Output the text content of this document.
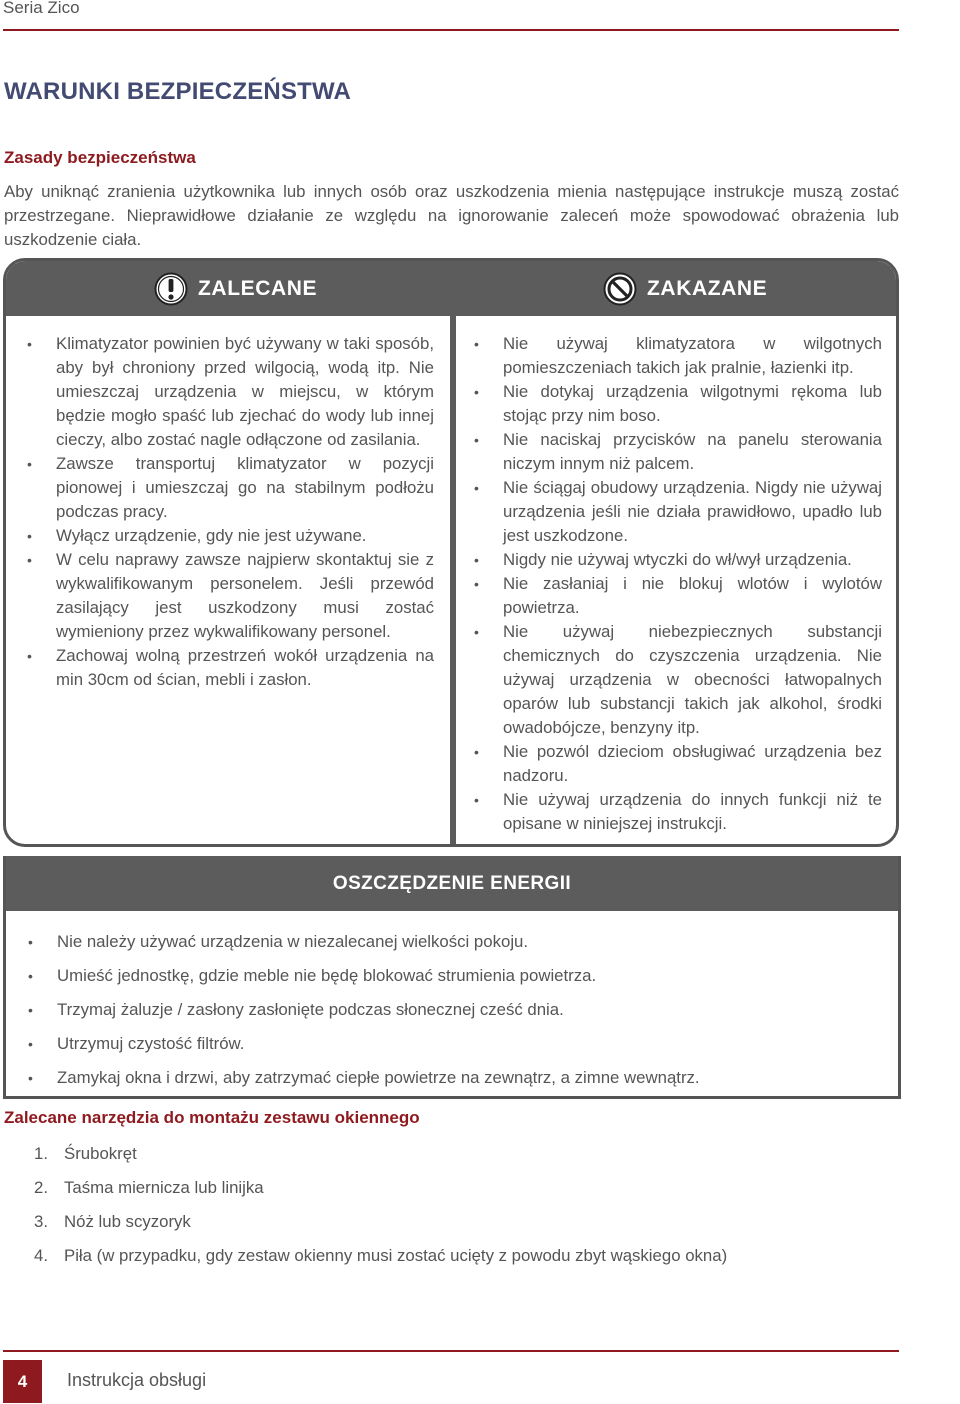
Seria Zico
WARUNKI BEZPIECZEŃSTWA
Zasady bezpieczeństwa

Aby uniknąć zranienia użytkownika lub innych osób oraz uszkodzenia mienia następujące instrukcje muszą zostać przestrzegane. Nieprawidłowe działanie ze względu na ignorowanie zaleceń może spowodować obrażenia lub uszkodzenie ciała.

ZALECANE	ZAKAZANE
• Klimatyzator powinien być używany w taki sposób, aby był chroniony przed wilgocią, wodą itp. Nie umieszczaj urządzenia w miejscu, w którym będzie mogło spaść lub zjechać do wody lub innej cieczy, albo zostać nagle odłączone od zasilania.
• Zawsze transportuj klimatyzator w pozycji pionowej i umieszczaj go na stabilnym podłożu podczas pracy.
• Wyłącz urządzenie, gdy nie jest używane.
• W celu naprawy zawsze najpierw skontaktuj sie z wykwalifikowanym personelem. Jeśli przewód zasilający jest uszkodzony musi zostać wymieniony przez wykwalifikowany personel.
• Zachowaj wolną przestrzeń wokół urządzenia na min 30cm od ścian, mebli i zasłon.
• Nie używaj klimatyzatora w wilgotnych pomieszczeniach takich jak pralnie, łazienki itp.
• Nie dotykaj urządzenia wilgotnymi rękoma lub stojąc przy nim boso.
• Nie naciskaj przycisków na panelu sterowania niczym innym niż palcem.
• Nie ściągaj obudowy urządzenia. Nigdy nie używaj urządzenia jeśli nie działa prawidłowo, upadło lub jest uszkodzone.
• Nigdy nie używaj wtyczki do wł/wył urządzenia.
• Nie zasłaniaj i nie blokuj wlotów i wylotów powietrza.
• Nie używaj niebezpiecznych substancji chemicznych do czyszczenia urządzenia. Nie używaj urządzenia w obecności łatwopalnych oparów lub substancji takich jak alkohol, środki owadobójcze, benzyny itp.
• Nie pozwól dzieciom obsługiwać urządzenia bez nadzoru.
• Nie używaj urządzenia do innych funkcji niż te opisane w niniejszej instrukcji.
OSZCZĘDZENIE ENERGII
• Nie należy używać urządzenia w niezalecanej wielkości pokoju.
• Umieść jednostkę, gdzie meble nie będę blokować strumienia powietrza.
• Trzymaj żaluzje / zasłony zasłonięte podczas słonecznej cześć dnia.
• Utrzymuj czystość filtrów.
• Zamykaj okna i drzwi, aby zatrzymać ciepłe powietrze na zewnątrz, a zimne wewnątrz.
Zalecane narzędzia do montażu zestawu okiennego
1. Śrubokręt
2. Taśma miernicza lub linijka
3. Nóż lub scyzoryk
4. Piła (w przypadku, gdy zestaw okienny musi zostać ucięty z powodu zbyt wąskiego okna)
4	Instrukcja obsługi
